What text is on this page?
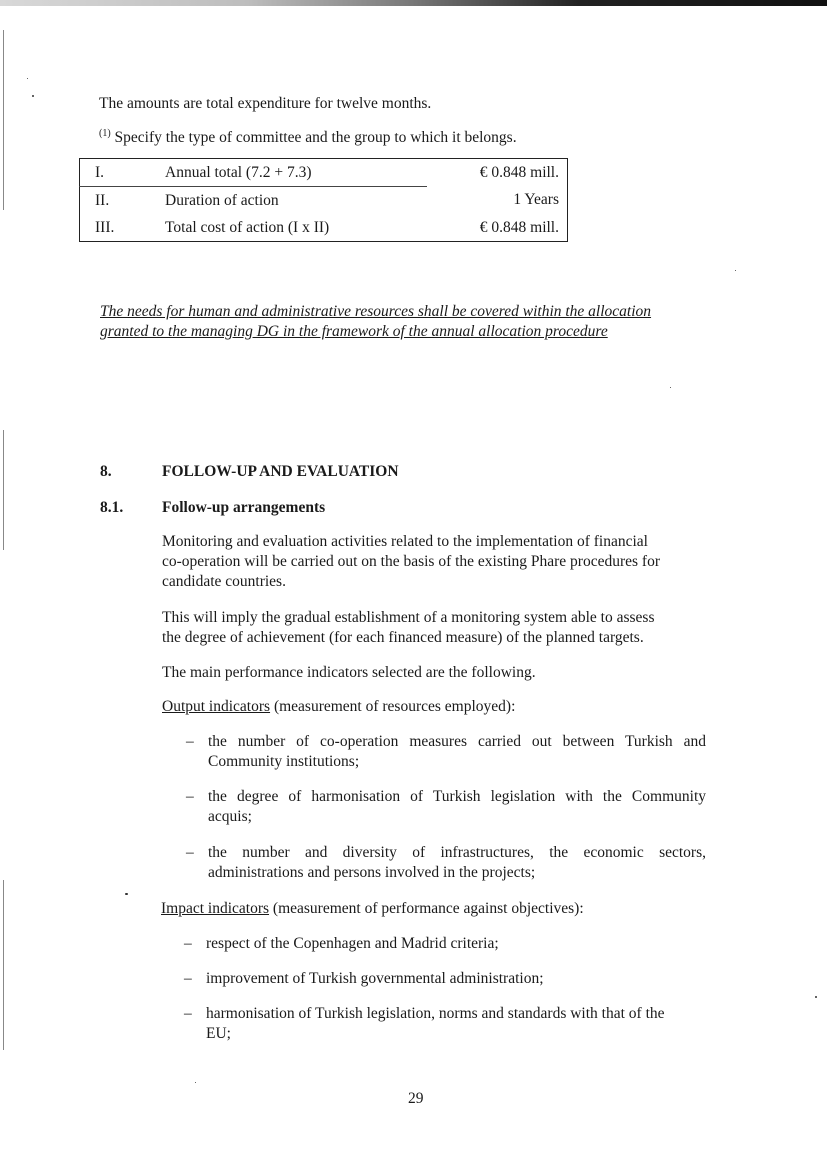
The amounts are total expenditure for twelve months.
$^{(1)}$ Specify the type of committee and the group to which it belongs.
I.	Annual total (7.2 + 7.3)	€ 0.848 mill.
II.	Duration of action	1 Years
III.	Total cost of action (I x II)	€ 0.848 mill.
The needs for human and administrative resources shall be covered within the allocation
granted to the managing DG in the framework of the annual allocation procedure
8.	FOLLOW-UP AND EVALUATION
8.1.	Follow-up arrangements
Monitoring and evaluation activities related to the implementation of financial
co-operation will be carried out on the basis of the existing Phare procedures for
candidate countries.
This will imply the gradual establishment of a monitoring system able to assess
the degree of achievement (for each financed measure) of the planned targets.
The main performance indicators selected are the following.
Output indicators (measurement of resources employed):
– the number of co-operation measures carried out between Turkish and
Community institutions;
– the degree of harmonisation of Turkish legislation with the Community
acquis;
– the number and diversity of infrastructures, the economic sectors,
administrations and persons involved in the projects;
Impact indicators (measurement of performance against objectives):
– respect of the Copenhagen and Madrid criteria;
– improvement of Turkish governmental administration;
– harmonisation of Turkish legislation, norms and standards with that of the
EU;
29
